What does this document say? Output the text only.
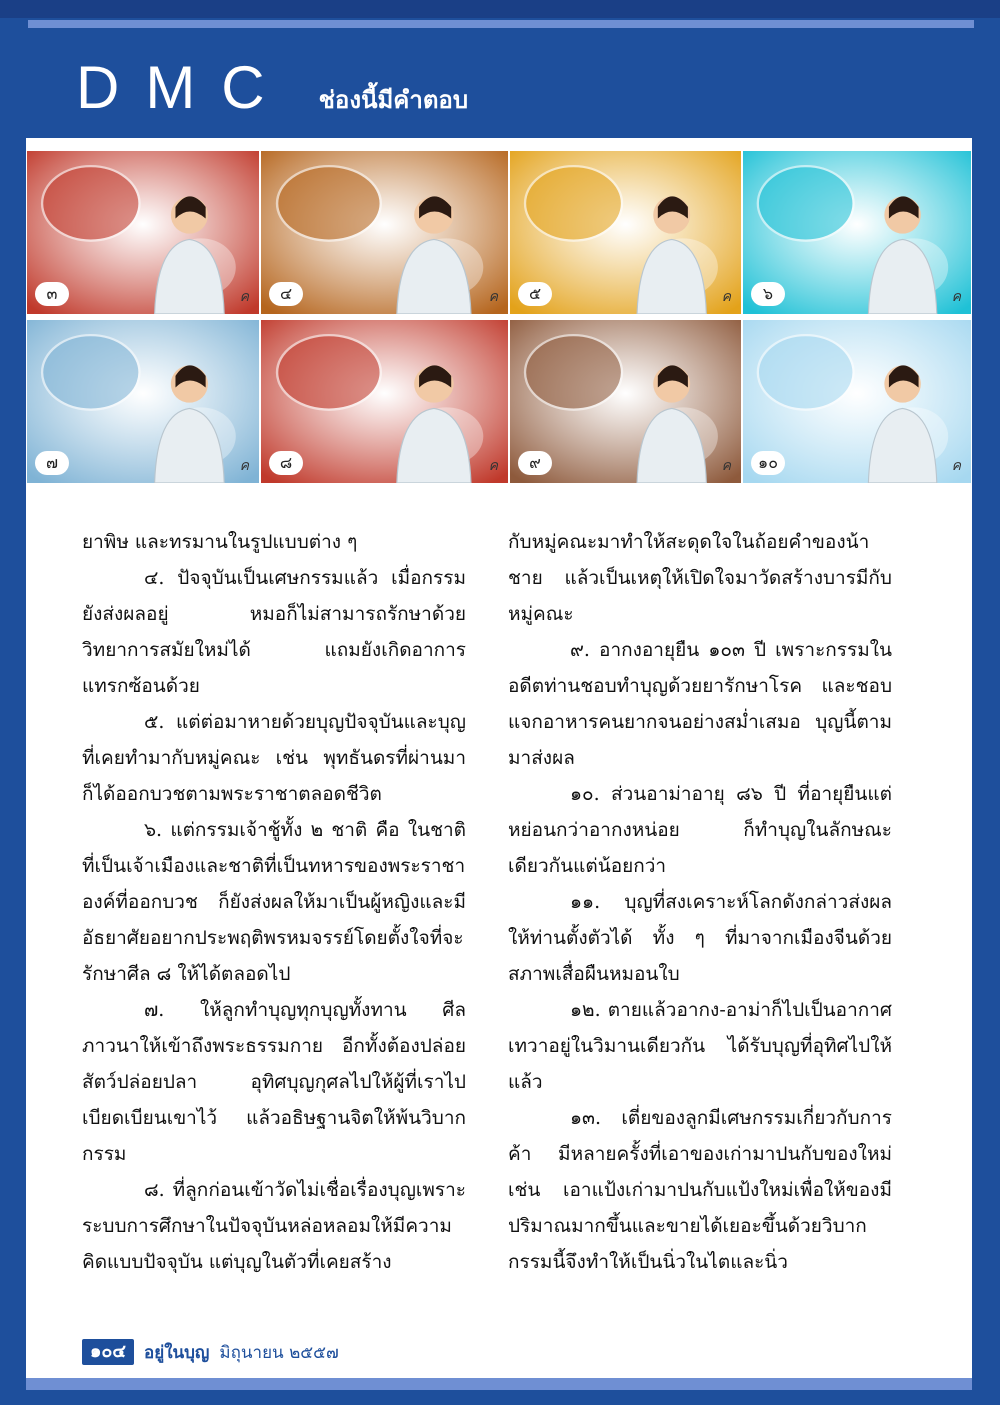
DMC ช่องนี้มีคำตอบ
๓	ค	๔	ค	๕	ค	๖	ค
๗	ค	๘	ค	๙	ค	๑๐	ค

ยาพิษ และทรมานในรูปแบบต่าง ๆ

๔. ปัจจุบันเป็นเศษกรรมแล้ว เมื่อกรรมยังส่งผลอยู่ หมอก็ไม่สามารถรักษาด้วยวิทยาการสมัยใหม่ได้ แถมยังเกิดอาการแทรกซ้อนด้วย

๕. แต่ต่อมาหายด้วยบุญปัจจุบันและบุญที่เคยทำมากับหมู่คณะ เช่น พุทธันดรที่ผ่านมาก็ได้ออกบวชตามพระราชาตลอดชีวิต

๖. แต่กรรมเจ้าชู้ทั้ง ๒ ชาติ คือ ในชาติที่เป็นเจ้าเมืองและชาติที่เป็นทหารของพระราชาองค์ที่ออกบวช ก็ยังส่งผลให้มาเป็นผู้หญิงและมีอัธยาศัยอยากประพฤติพรหมจรรย์โดยตั้งใจที่จะรักษาศีล ๘ ให้ได้ตลอดไป

๗. ให้ลูกทำบุญทุกบุญทั้งทาน ศีล ภาวนาให้เข้าถึงพระธรรมกาย อีกทั้งต้องปล่อยสัตว์ปล่อยปลา อุทิศบุญกุศลไปให้ผู้ที่เราไปเบียดเบียนเขาไว้ แล้วอธิษฐานจิตให้พ้นวิบากกรรม

๘. ที่ลูกก่อนเข้าวัดไม่เชื่อเรื่องบุญเพราะระบบการศึกษาในปัจจุบันหล่อหลอมให้มีความคิดแบบปัจจุบัน แต่บุญในตัวที่เคยสร้าง

กับหมู่คณะมาทำให้สะดุดใจในถ้อยคำของน้าชาย แล้วเป็นเหตุให้เปิดใจมาวัดสร้างบารมีกับหมู่คณะ

๙. อากงอายุยืน ๑๐๓ ปี เพราะกรรมในอดีตท่านชอบทำบุญด้วยยารักษาโรค และชอบแจกอาหารคนยากจนอย่างสม่ำเสมอ บุญนี้ตามมาส่งผล

๑๐. ส่วนอาม่าอายุ ๘๖ ปี ที่อายุยืนแต่หย่อนกว่าอากงหน่อย ก็ทำบุญในลักษณะเดียวกันแต่น้อยกว่า

๑๑. บุญที่สงเคราะห์โลกดังกล่าวส่งผลให้ท่านตั้งตัวได้ ทั้ง ๆ ที่มาจากเมืองจีนด้วยสภาพเสื่อผืนหมอนใบ

๑๒. ตายแล้วอากง-อาม่าก็ไปเป็นอากาศเทวาอยู่ในวิมานเดียวกัน ได้รับบุญที่อุทิศไปให้แล้ว

๑๓. เตี่ยของลูกมีเศษกรรมเกี่ยวกับการค้า มีหลายครั้งที่เอาของเก่ามาปนกับของใหม่ เช่น เอาแป้งเก่ามาปนกับแป้งใหม่เพื่อให้ของมีปริมาณมากขึ้นและขายได้เยอะขึ้นด้วยวิบากกรรมนี้จึงทำให้เป็นนิ่วในไตและนิ่ว

๑๐๔	อยู่ในบุญ มิถุนายน ๒๕๕๗
